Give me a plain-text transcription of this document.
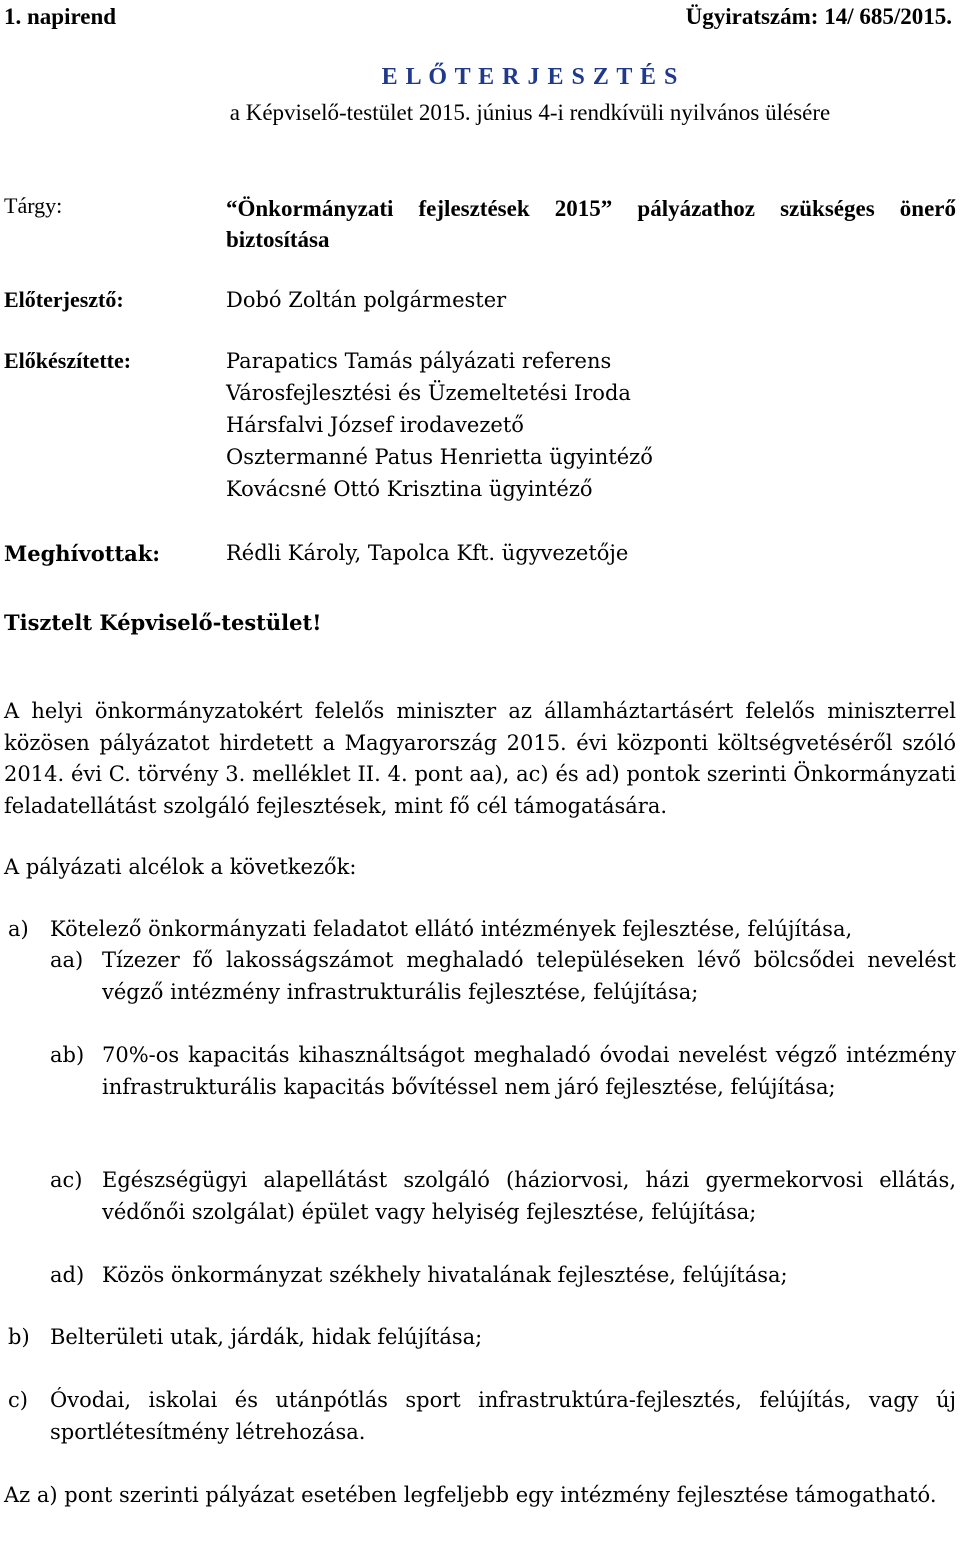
1. napirend	Ügyiratszám: 14/ 685/2015.
E L Ő T E R J E S Z T É S
a Képviselő-testület 2015. június 4-i rendkívüli nyilvános ülésére
Tárgy:	“Önkormányzati fejlesztések 2015” pályázathoz szükséges önerő biztosítása
Előterjesztő:	Dobó Zoltán polgármester
Előkészítette:	Parapatics Tamás pályázati referens
Városfejlesztési és Üzemeltetési Iroda
Hársfalvi József irodavezető
Osztermanné Patus Henrietta ügyintéző
Kovácsné Ottó Krisztina ügyintéző
Meghívottak:	Rédli Károly, Tapolca Kft. ügyvezetője
Tisztelt Képviselő-testület!
A helyi önkormányzatokért felelős miniszter az államháztartásért felelős miniszterrel közösen pályázatot hirdetett a Magyarország 2015. évi központi költségvetéséről szóló 2014. évi C. törvény 3. melléklet II. 4. pont aa), ac) és ad) pontok szerinti Önkormányzati feladatellátást szolgáló fejlesztések, mint fő cél támogatására.
A pályázati alcélok a következők:
a) Kötelező önkormányzati feladatot ellátó intézmények fejlesztése, felújítása,
aa) Tízezer fő lakosságszámot meghaladó településeken lévő bölcsődei nevelést végző intézmény infrastrukturális fejlesztése, felújítása;
ab) 70%-os kapacitás kihasználtságot meghaladó óvodai nevelést végző intézmény infrastrukturális kapacitás bővítéssel nem járó fejlesztése, felújítása;
ac) Egészségügyi alapellátást szolgáló (háziorvosi, házi gyermekorvosi ellátás, védőnői szolgálat) épület vagy helyiség fejlesztése, felújítása;
ad) Közös önkormányzat székhely hivatalának fejlesztése, felújítása;
b) Belterületi utak, járdák, hidak felújítása;
c) Óvodai, iskolai és utánpótlás sport infrastruktúra-fejlesztés, felújítás, vagy új sportlétesítmény létrehozása.
Az a) pont szerinti pályázat esetében legfeljebb egy intézmény fejlesztése támogatható.
